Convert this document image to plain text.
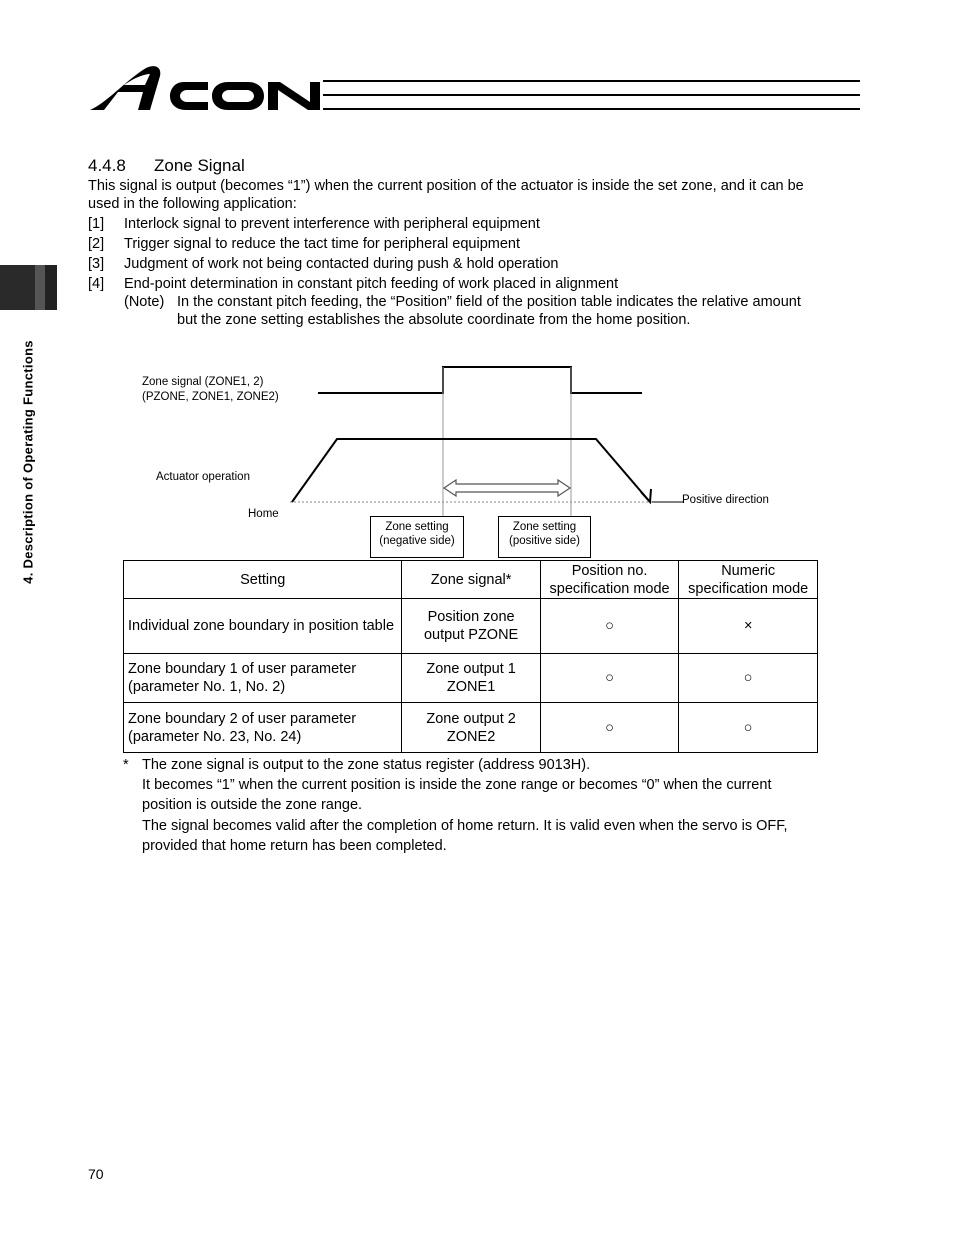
4. Description of Operating Functions
4.4.8 Zone Signal
This signal is output (becomes “1”) when the current position of the actuator is inside the set zone, and it can be
used in the following application:
[1] Interlock signal to prevent interference with peripheral equipment
[2] Trigger signal to reduce the tact time for peripheral equipment
[3] Judgment of work not being contacted during push & hold operation
[4] End-point determination in constant pitch feeding of work placed in alignment
(Note) In the constant pitch feeding, the “Position” field of the position table indicates the relative amount
but the zone setting establishes the absolute coordinate from the home position.
Zone signal (ZONE1, 2)
(PZONE, ZONE1, ZONE2)
Actuator operation
Home
Positive direction
Zone setting
(negative side)
Zone setting
(positive side)
Setting	Zone signal*	Position no. specification mode	Numeric specification mode
Individual zone boundary in position table	Position zone output PZONE	○	×
Zone boundary 1 of user parameter (parameter No. 1, No. 2)	Zone output 1 ZONE1	○	○
Zone boundary 2 of user parameter (parameter No. 23, No. 24)	Zone output 2 ZONE2	○	○
* The zone signal is output to the zone status register (address 9013H).
It becomes “1” when the current position is inside the zone range or becomes “0” when the current
position is outside the zone range.
The signal becomes valid after the completion of home return. It is valid even when the servo is OFF,
provided that home return has been completed.
70
